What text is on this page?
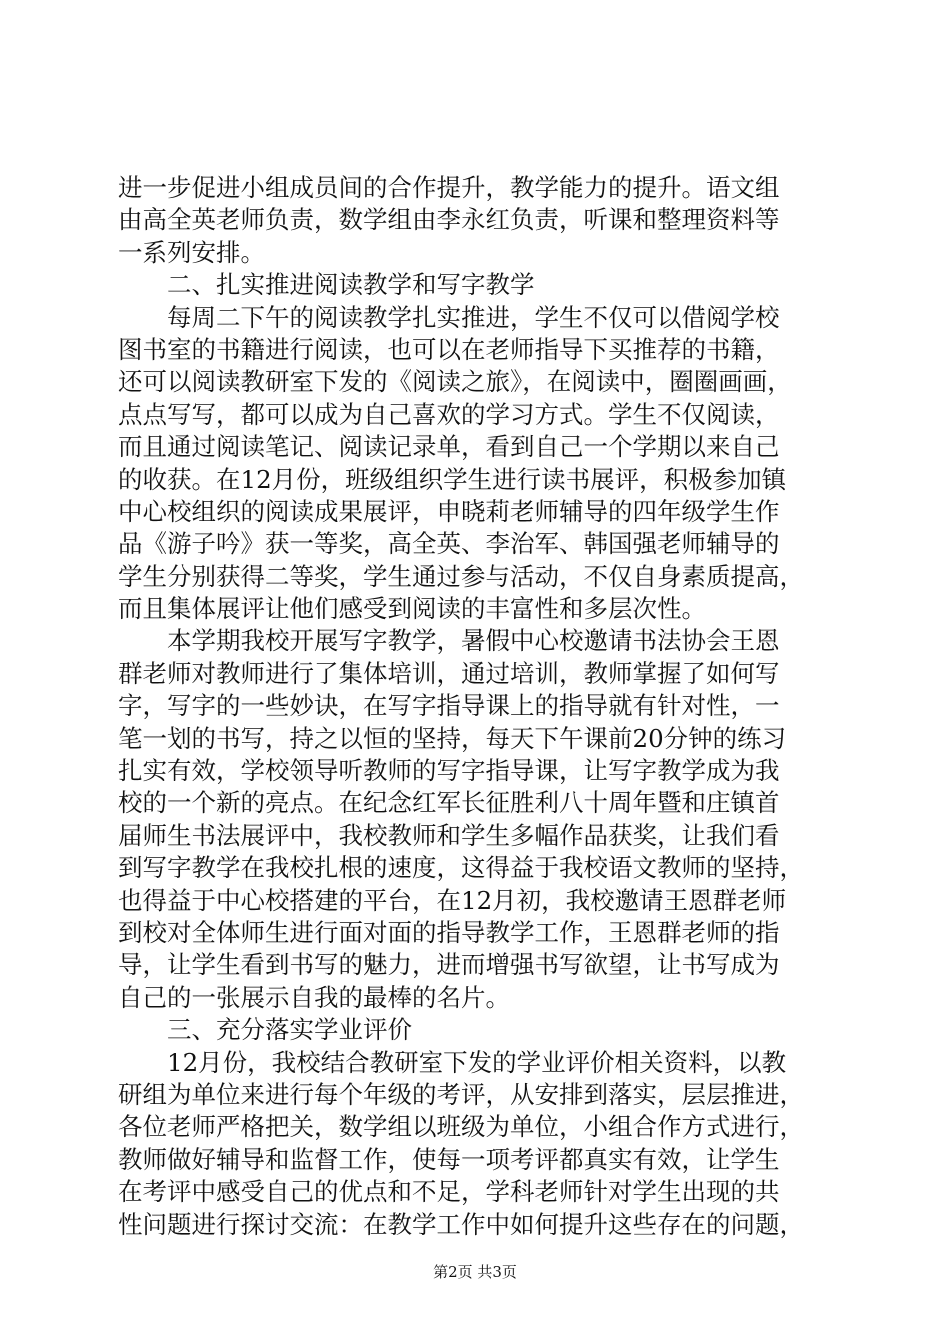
进一步促进小组成员间的合作提升，教学能力的提升。语文组
由高全英老师负责，数学组由李永红负责，听课和整理资料等
一系列安排。
　　二、扎实推进阅读教学和写字教学
　　每周二下午的阅读教学扎实推进，学生不仅可以借阅学校
图书室的书籍进行阅读，也可以在老师指导下买推荐的书籍，
还可以阅读教研室下发的《阅读之旅》，在阅读中，圈圈画画，
点点写写，都可以成为自己喜欢的学习方式。学生不仅阅读，
而且通过阅读笔记、阅读记录单，看到自己一个学期以来自己
的收获。在12月份，班级组织学生进行读书展评，积极参加镇
中心校组织的阅读成果展评，申晓莉老师辅导的四年级学生作
品《游子吟》获一等奖，高全英、李治军、韩国强老师辅导的
学生分别获得二等奖，学生通过参与活动，不仅自身素质提高，
而且集体展评让他们感受到阅读的丰富性和多层次性。
　　本学期我校开展写字教学，暑假中心校邀请书法协会王恩
群老师对教师进行了集体培训，通过培训，教师掌握了如何写
字，写字的一些妙诀，在写字指导课上的指导就有针对性，一
笔一划的书写，持之以恒的坚持，每天下午课前20分钟的练习
扎实有效，学校领导听教师的写字指导课，让写字教学成为我
校的一个新的亮点。在纪念红军长征胜利八十周年暨和庄镇首
届师生书法展评中，我校教师和学生多幅作品获奖，让我们看
到写字教学在我校扎根的速度，这得益于我校语文教师的坚持，
也得益于中心校搭建的平台，在12月初，我校邀请王恩群老师
到校对全体师生进行面对面的指导教学工作，王恩群老师的指
导，让学生看到书写的魅力，进而增强书写欲望，让书写成为
自己的一张展示自我的最棒的名片。
　　三、充分落实学业评价
　　12月份，我校结合教研室下发的学业评价相关资料，以教
研组为单位来进行每个年级的考评，从安排到落实，层层推进，
各位老师严格把关，数学组以班级为单位，小组合作方式进行，
教师做好辅导和监督工作，使每一项考评都真实有效，让学生
在考评中感受自己的优点和不足，学科老师针对学生出现的共
性问题进行探讨交流：在教学工作中如何提升这些存在的问题，
第2页 共3页
